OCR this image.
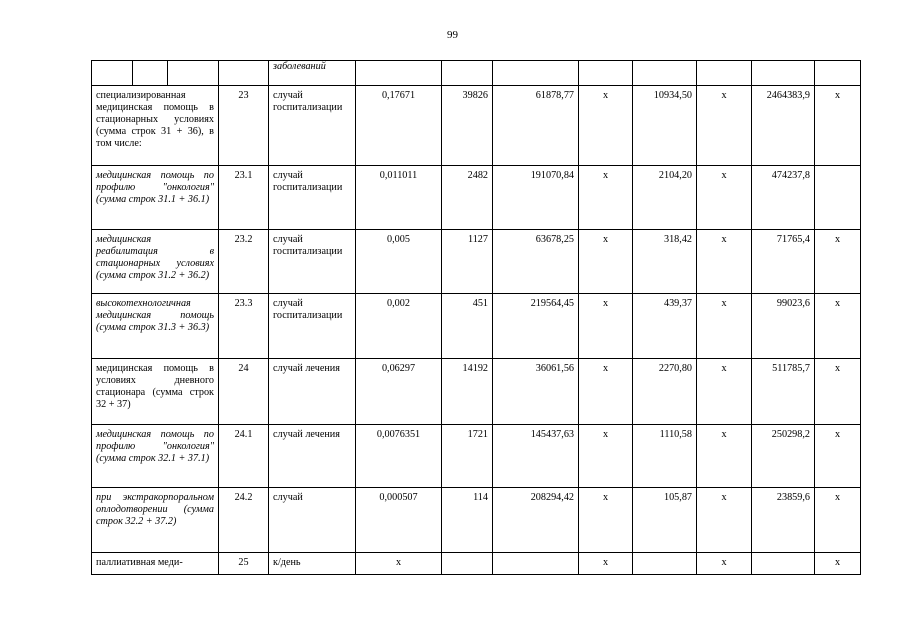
99
		заболеваний								
специализированная медицинская помощь в стационарных условиях (сумма строк 31 + 36), в том числе:	23	случай госпитализации	0,17671	39826	61878,77	х	10934,50	х	2464383,9	х
медицинская помощь по профилю "онкология" (сумма строк 31.1 + 36.1)	23.1	случай госпитализации	0,011011	2482	191070,84	х	2104,20	х	474237,8	
медицинская реабилитация в стационарных условиях (сумма строк 31.2 + 36.2)	23.2	случай госпитализации	0,005	1127	63678,25	х	318,42	х	71765,4	х
высокотехнологичная медицинская помощь (сумма строк 31.3 + 36.3)	23.3	случай госпитализации	0,002	451	219564,45	х	439,37	х	99023,6	х
медицинская помощь в условиях дневного стационара (сумма строк 32 + 37)	24	случай лечения	0,06297	14192	36061,56	х	2270,80	х	511785,7	х
медицинская помощь по профилю "онкология" (сумма строк 32.1 + 37.1)	24.1	случай лечения	0,0076351	1721	145437,63	х	1110,58	х	250298,2	х
при экстракорпоральном оплодотворении (сумма строк 32.2 + 37.2)	24.2	случай	0,000507	114	208294,42	х	105,87	х	23859,6	х
паллиативная меди-	25	к/день	х			х		х		х
